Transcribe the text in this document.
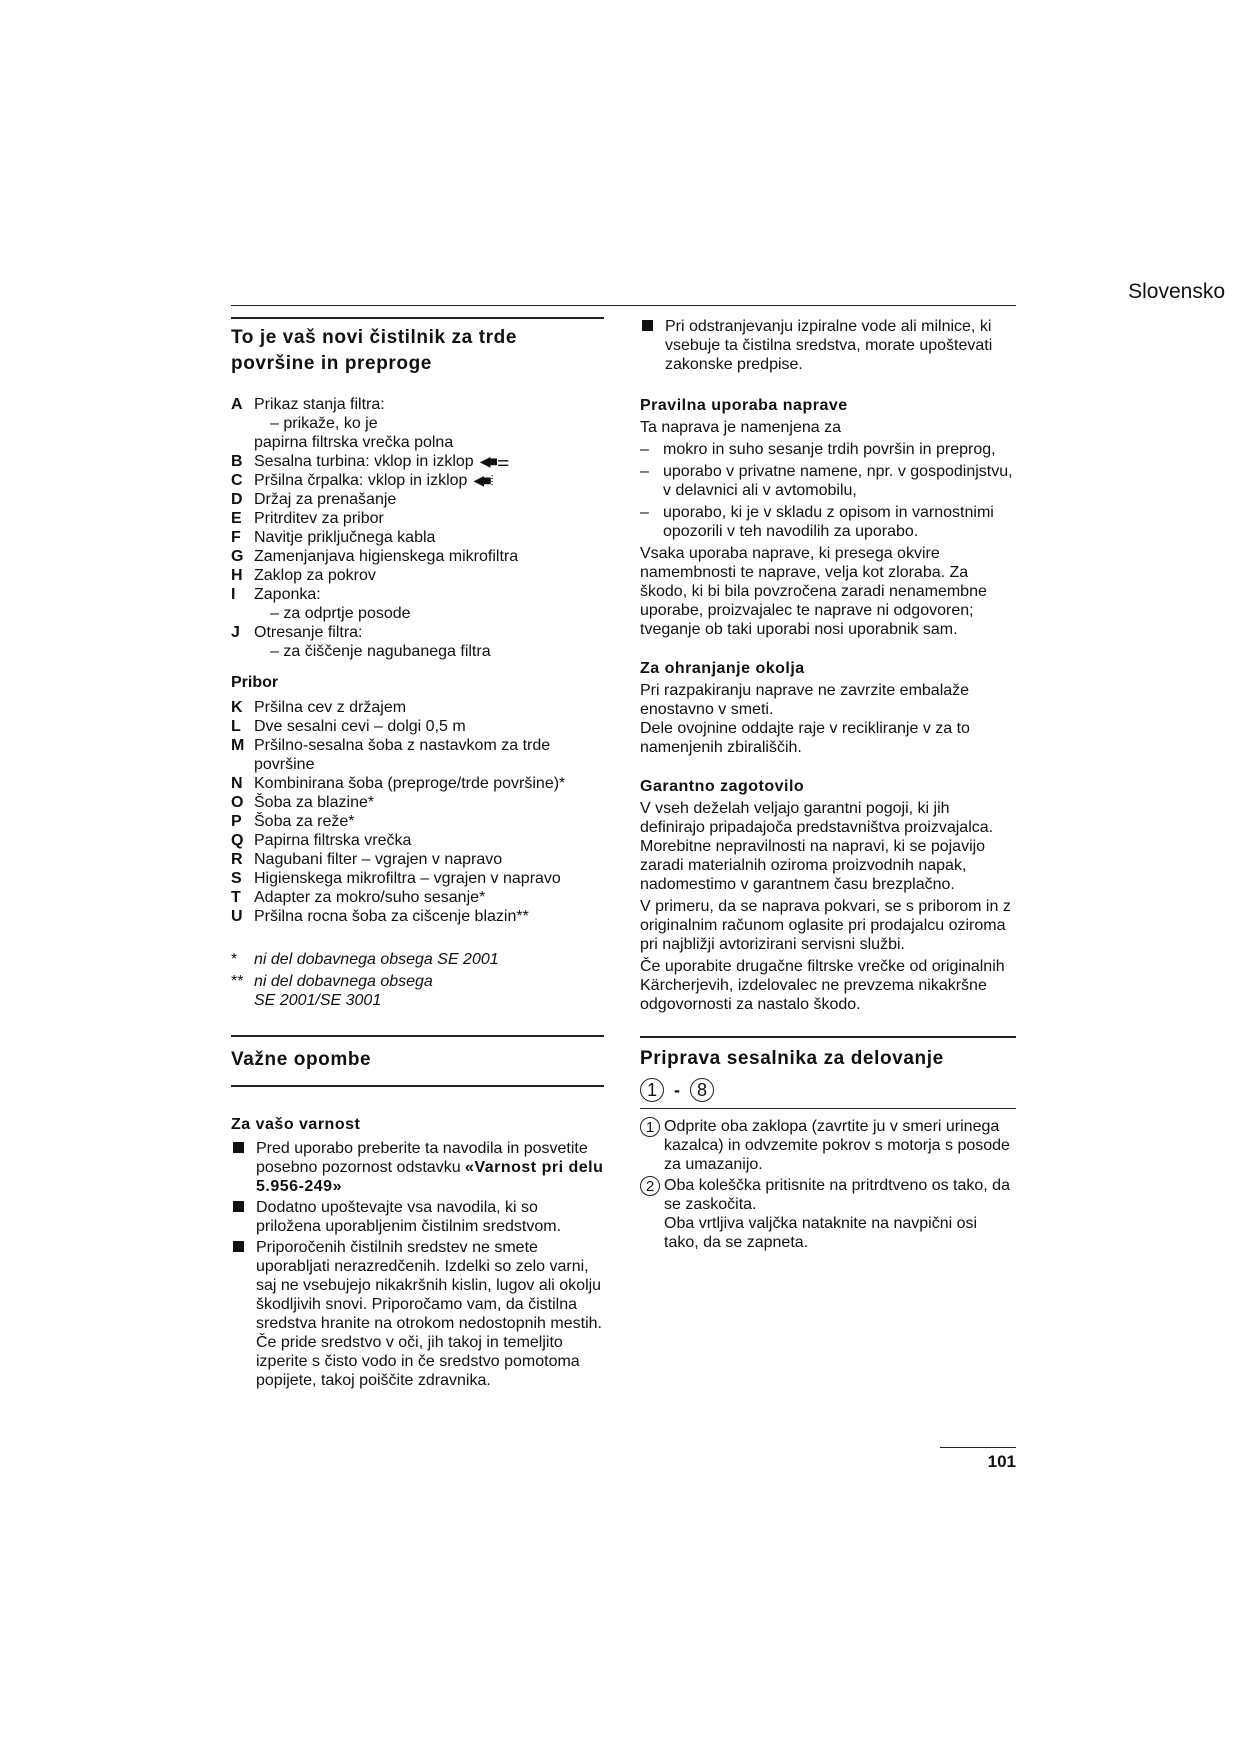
Slovensko
To je vaš novi čistilnik za trde površine in preproge
A Prikaz stanja filtra:
– prikaže, ko je
papirna filtrska vrečka polna
B Sesalna turbina: vklop in izklop ◀■⚌
C Pršilna črpalka: vklop in izklop ◀■⦙
D Držaj za prenašanje
E Pritrditev za pribor
F Navitje priključnega kabla
G Zamenjanjava higienskega mikrofiltra
H Zaklop za pokrov
I	Zaponka:
– za odprtje posode
J Otresanje filtra:
– za čiščenje nagubanega filtra
Pribor
K Pršilna cev z držajem
L Dve sesalni cevi – dolgi 0,5 m
M Pršilno-sesalna šoba z nastavkom za trde površine
N Kombinirana šoba (preproge/trde površine)*
O Šoba za blazine*
P Šoba za reže*
Q Papirna filtrska vrečka
R Nagubani filter – vgrajen v napravo
S Higienskega mikrofiltra – vgrajen v napravo
T Adapter za mokro/suho sesanje*
U Pršilna rocna šoba za cišcenje blazin**
*	ni del dobavnega obsega SE 2001
** ni del dobavnega obsega
SE 2001/SE 3001
Važne opombe
Za vašo varnost
Pred uporabo preberite ta navodila in posvetite posebno pozornost odstavku «Varnost pri delu 5.956-249»
Dodatno upoštevajte vsa navodila, ki so priložena uporabljenim čistilnim sredstvom.
Priporočenih čistilnih sredstev ne smete uporabljati nerazredčenih. Izdelki so zelo varni, saj ne vsebujejo nikakršnih kislin, lugov ali okolju škodljivih snovi. Priporočamo vam, da čistilna sredstva hranite na otrokom nedostopnih mestih. Če pride sredstvo v oči, jih takoj in temeljito izperite s čisto vodo in če sredstvo pomotoma popijete, takoj poiščite zdravnika.
Pri odstranjevanju izpiralne vode ali milnice, ki vsebuje ta čistilna sredstva, morate upoštevati zakonske predpise.
Pravilna uporaba naprave

Ta naprava je namenjena za

– mokro in suho sesanje trdih površin in preprog,
– uporabo v privatne namene, npr. v gospodinjstvu, v delavnici ali v avtomobilu,
– uporabo, ki je v skladu z opisom in varnostnimi opozorili v teh navodilih za uporabo.

Vsaka uporaba naprave, ki presega okvire namembnosti te naprave, velja kot zloraba. Za škodo, ki bi bila povzročena zaradi nenamembne uporabe, proizvajalec te naprave ni odgovoren; tveganje ob taki uporabi nosi uporabnik sam.

Za ohranjanje okolja

Pri razpakiranju naprave ne zavrzite embalaže enostavno v smeti.

Dele ovojnine oddajte raje v recikliranje v za to namenjenih zbirališčih.

Garantno zagotovilo

V vseh deželah veljajo garantni pogoji, ki jih definirajo pripadajoča predstavništva proizvajalca. Morebitne nepravilnosti na napravi, ki se pojavijo zaradi materialnih oziroma proizvodnih napak, nadomestimo v garantnem času brezplačno.

V primeru, da se naprava pokvari, se s priborom in z originalnim računom oglasite pri prodajalcu oziroma pri najbližji avtorizirani servisni službi.

Če uporabite drugačne filtrske vrečke od originalnih Kärcherjevih, izdelovalec ne prevzema nikakršne odgovornosti za nastalo škodo.

Priprava sesalnika za delovanje
1 - 8
1 Odprite oba zaklopa (zavrtite ju v smeri urinega kazalca) in odvzemite pokrov s motorja s posode za umazanijo.
2 Oba koleščka pritisnite na pritrdtveno os tako, da se zaskočita.
Oba vrtljiva valjčka nataknite na navpični osi tako, da se zapneta.
101
